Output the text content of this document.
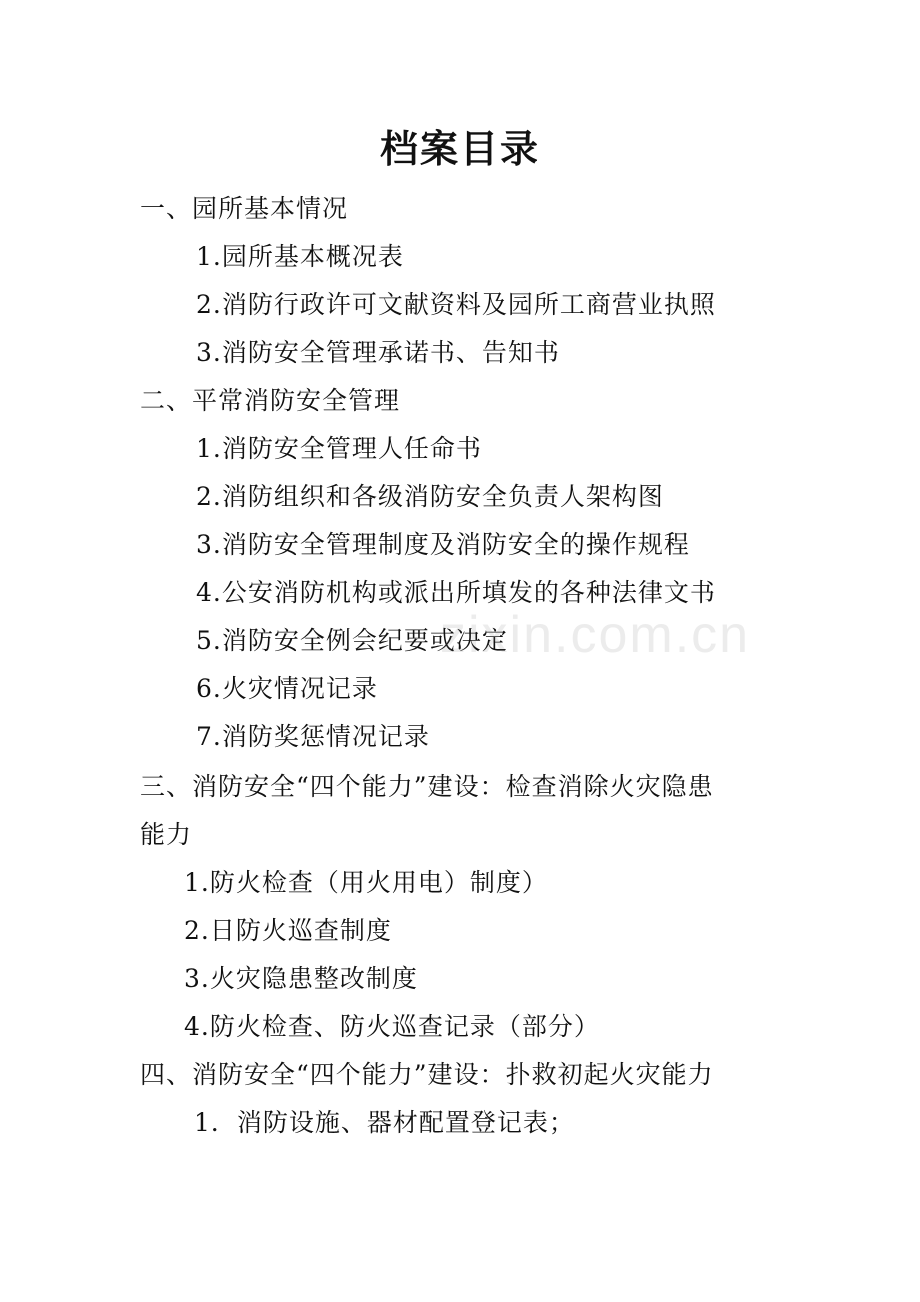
档案目录
一、园所基本情况
1.园所基本概况表
2.消防行政许可文献资料及园所工商营业执照
3.消防安全管理承诺书、告知书
二、平常消防安全管理
1.消防安全管理人任命书
2.消防组织和各级消防安全负责人架构图
3.消防安全管理制度及消防安全的操作规程
4.公安消防机构或派出所填发的各种法律文书
5.消防安全例会纪要或决定
6.火灾情况记录
7.消防奖惩情况记录
三、消防安全“四个能力”建设：检查消除火灾隐患
能力
1.防火检查（用火用电）制度）
2.日防火巡查制度
3.火灾隐患整改制度
4.防火检查、防火巡查记录（部分）
四、消防安全“四个能力”建设：扑救初起火灾能力
1．消防设施、器材配置登记表；
zixin.com.cn
